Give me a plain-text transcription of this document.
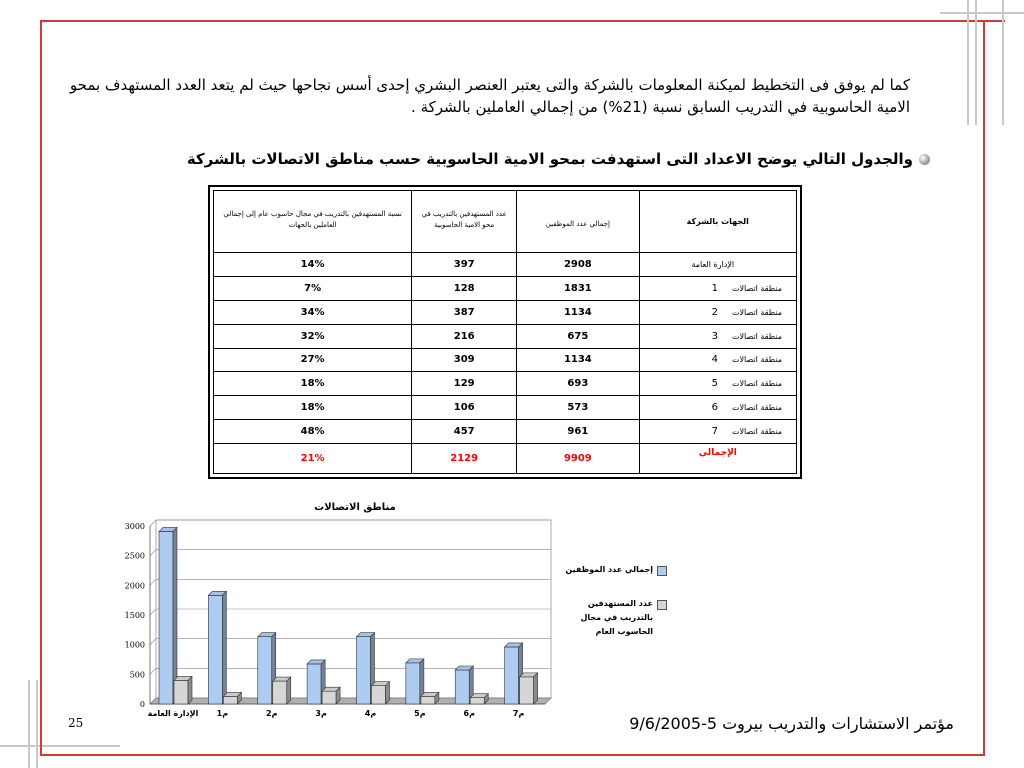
كما لم يوفق فى التخطيط لميكنة المعلومات بالشركة والتى يعتبر العنصر البشري إحدى أسس نجاحها حيث لم يتعد العدد المستهدف بمحو الامية الحاسوبية في التدريب السابق نسبة (21%) من إجمالي العاملين بالشركة .
والجدول التالي يوضح الاعداد التى استهدفت بمحو الامية الحاسوبية حسب مناطق الاتصالات بالشركة
نسبة المستهدفين بالتدريب في مجال حاسوب عام إلى إجمالي العاملين بالجهات	عدد المستهدفين بالتدريب في محو الامية الحاسوبية	إجمالي عدد الموظفين	الجهات بالشركة
14%	397	2908	الإدارة العامة
7%	128	1831	منطقة اتصالات1
34%	387	1134	منطقة اتصالات2
32%	216	675	منطقة اتصالات3
27%	309	1134	منطقة اتصالات4
18%	129	693	منطقة اتصالات5
18%	106	573	منطقة اتصالات6
48%	457	961	منطقة اتصالات7
21%	2129	9909	الإجمالي
مناطق الاتصالات
3000
2500
2000
1500
1000
500
0
الإدارة العامة م1	م2	م3	م4	م5	م6	م7
إجمالي عدد الموظفين
عدد المستهدفين بالتدريب في مجال الحاسوب العام
مؤتمر الاستشارات والتدريب بيروت 5-9/6/2005
25
